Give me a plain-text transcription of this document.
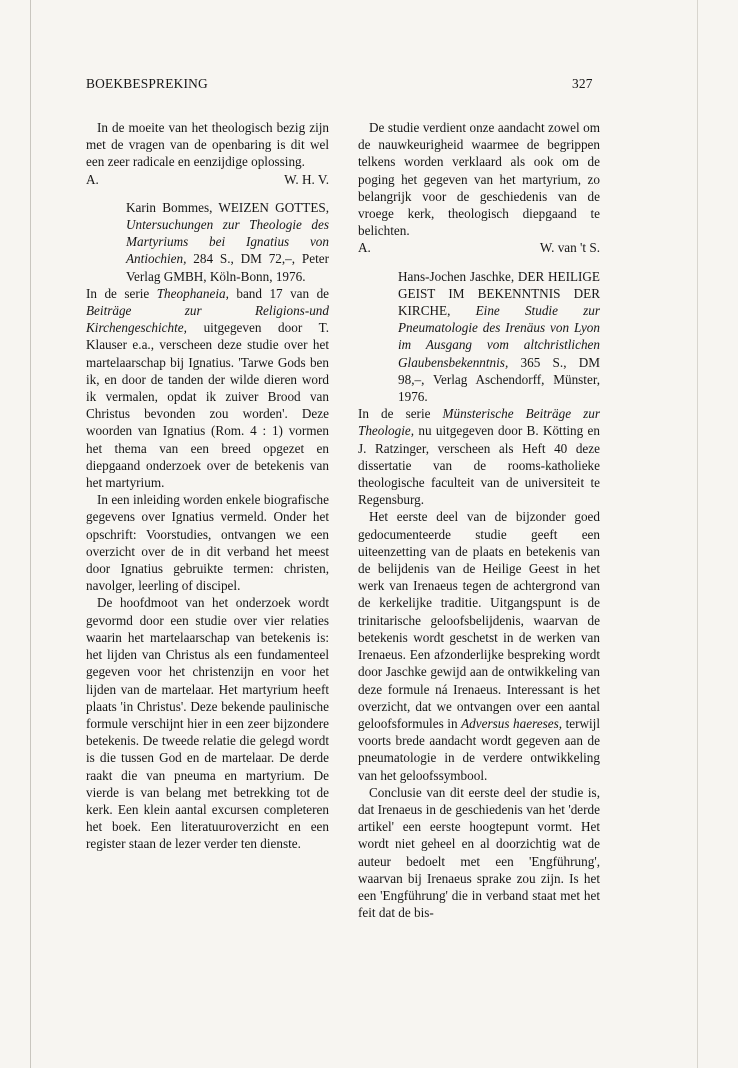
BOEKBESPREKING	327

In de moeite van het theologisch bezig zijn met de vragen van de openbaring is dit wel een zeer radicale en eenzijdige oplossing.

A.	W. H. V.
Karin Bommes, WEIZEN GOTTES, Untersuchungen zur Theologie des Martyriums bei Ignatius von Antiochien, 284 S., DM 72,–, Peter Verlag GMBH, Köln-Bonn, 1976.

In de serie Theophaneia, band 17 van de Beiträge zur Religions-und Kirchengeschichte, uitgegeven door T. Klauser e.a., verscheen deze studie over het martelaarschap bij Ignatius. 'Tarwe Gods ben ik, en door de tanden der wilde dieren word ik vermalen, opdat ik zuiver Brood van Christus bevonden zou worden'. Deze woorden van Ignatius (Rom. 4 : 1) vormen het thema van een breed opgezet en diepgaand onderzoek over de betekenis van het martyrium.

In een inleiding worden enkele biografische gegevens over Ignatius vermeld. Onder het opschrift: Voorstudies, ontvangen we een overzicht over de in dit verband het meest door Ignatius gebruikte termen: christen, navolger, leerling of discipel.

De hoofdmoot van het onderzoek wordt gevormd door een studie over vier relaties waarin het martelaarschap van betekenis is: het lijden van Christus als een fundamenteel gegeven voor het christenzijn en voor het lijden van de martelaar. Het martyrium heeft plaats 'in Christus'. Deze bekende paulinische formule verschijnt hier in een zeer bijzondere betekenis. De tweede relatie die gelegd wordt is die tussen God en de martelaar. De derde raakt die van pneuma en martyrium. De vierde is van belang met betrekking tot de kerk. Een klein aantal excursen completeren het boek. Een literatuuroverzicht en een register staan de lezer verder ten dienste.

De studie verdient onze aandacht zowel om de nauwkeurigheid waarmee de begrippen telkens worden verklaard als ook om de poging het gegeven van het martyrium, zo belangrijk voor de geschiedenis van de vroege kerk, theologisch diepgaand te belichten.

A.	W. van 't S.
Hans-Jochen Jaschke, DER HEILIGE GEIST IM BEKENNTNIS DER KIRCHE, Eine Studie zur Pneumatologie des Irenäus von Lyon im Ausgang vom altchristlichen Glaubensbekenntnis, 365 S., DM 98,–, Verlag Aschendorff, Münster, 1976.

In de serie Münsterische Beiträge zur Theologie, nu uitgegeven door B. Kötting en J. Ratzinger, verscheen als Heft 40 deze dissertatie van de rooms-katholieke theologische faculteit van de universiteit te Regensburg.

Het eerste deel van de bijzonder goed gedocumenteerde studie geeft een uiteenzetting van de plaats en betekenis van de belijdenis van de Heilige Geest in het werk van Irenaeus tegen de achtergrond van de kerkelijke traditie. Uitgangspunt is de trinitarische geloofsbelijdenis, waarvan de betekenis wordt geschetst in de werken van Irenaeus. Een afzonderlijke bespreking wordt door Jaschke gewijd aan de ontwikkeling van deze formule ná Irenaeus. Interessant is het overzicht, dat we ontvangen over een aantal geloofsformules in Adversus haereses, terwijl voorts brede aandacht wordt gegeven aan de pneumatologie in de verdere ontwikkeling van het geloofssymbool.

Conclusie van dit eerste deel der studie is, dat Irenaeus in de geschiedenis van het 'derde artikel' een eerste hoogtepunt vormt. Het wordt niet geheel en al doorzichtig wat de auteur bedoelt met een 'Engführung', waarvan bij Irenaeus sprake zou zijn. Is het een 'Engführung' die in verband staat met het feit dat de bis-
